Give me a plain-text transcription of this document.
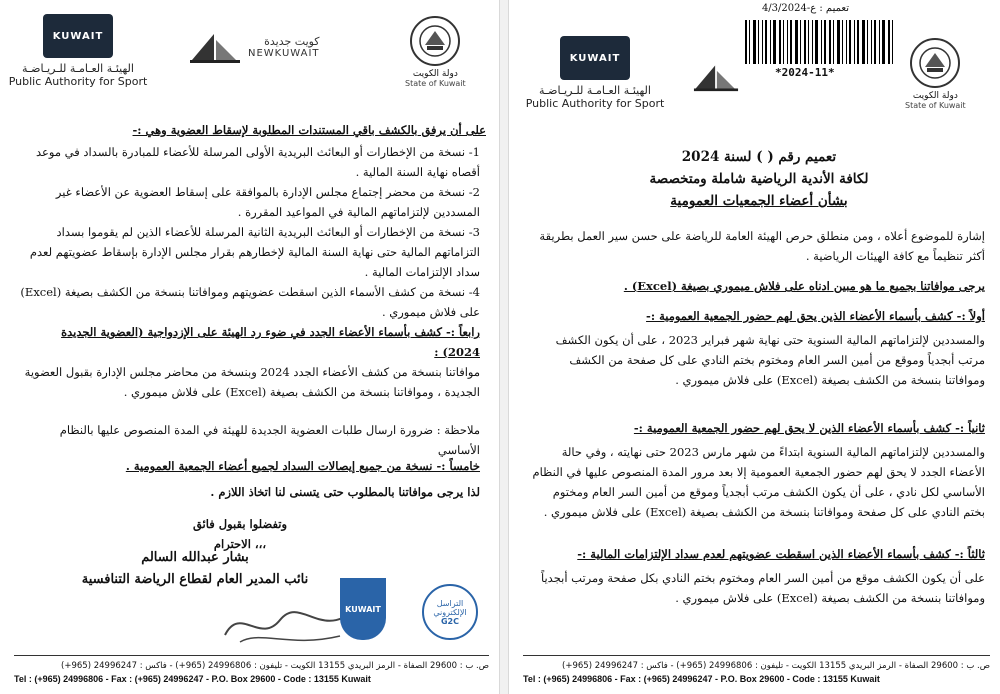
دولة الكويت
State of Kuwait
كويت جديدة
NEWKUWAIT
KUWAIT
الهيئـة العـامـة للـريـاضـة
Public Authority for Sport
على أن يرفق بالكشف باقي المستندات المطلوبة لإسقاط العضوية وهي :-
1- نسخة من الإخطارات أو البعائث البريدية الأولى المرسلة للأعضاء للمبادرة بالسداد في موعد أقصاه نهاية السنة المالية .
2- نسخة من محضر إجتماع مجلس الإدارة بالموافقة على إسقاط العضوية عن الأعضاء غير المسددين لإلتزاماتهم المالية في المواعيد المقررة .
3- نسخة من الإخطارات أو البعائث البريدية الثانية المرسلة للأعضاء الذين لم يقوموا بسداد التزاماتهم المالية حتى نهاية السنة المالية لإخطارهم بقرار مجلس الإدارة بإسقاط عضويتهم لعدم سداد الإلتزامات المالية .
4- نسخة من كشف الأسماء الذين اسقطت عضويتهم وموافاتنا بنسخة من الكشف بصيغة (Excel) على فلاش ميموري .
رابعاً :- كشف بأسماء الأعضاء الجدد في ضوء رد الهيئة على الإزدواجية (العضوية الجديدة 2024) :
موافاتنا بنسخة من كشف الأعضاء الجدد 2024 وبنسخة من محاضر مجلس الإدارة بقبول العضوية الجديدة ، وموافاتنا بنسخة من الكشف بصيغة (Excel) على فلاش ميموري .
ملاحظة : ضرورة ارسال طلبات العضوية الجديدة للهيئة في المدة المنصوص عليها بالنظام الأساسي
خامساً :- نسخة من جميع إيصالات السداد لجميع أعضاء الجمعية العمومية .
لذا يرجى موافاتنا بالمطلوب حتى يتسنى لنا اتخاذ اللازم .
وتفضلوا بقبول فائق الاحترام ،،،
بشار عبدالله السالم
نائب المدير العام لقطاع الرياضة التنافسية
KUWAIT
التراسل الإلكتروني
G2C
ص. ب : 29600 الصفاة - الرمز البريدي 13155 الكويت - تليفون : 24996806 (965+) - فاكس : 24996247 (965+)
Tel : (+965) 24996806 - Fax : (+965) 24996247 - P.O. Box 29600 - Code : 13155 Kuwait
تعميم : ع-4/3/2024
*2024-11*
دولة الكويت
State of Kuwait
KUWAIT
الهيئـة العـامـة للـريـاضـة
Public Authority for Sport
تعميم رقم ( ) لسنة 2024
لكافة الأندية الرياضية شاملة ومتخصصة
بشأن أعضاء الجمعيات العمومية
إشارة للموضوع أعلاه ، ومن منطلق حرص الهيئة العامة للرياضة على حسن سير العمل بطريقة أكثر تنظيماً مع كافة الهيئات الرياضية .
يرجى موافاتنا بجميع ما هو مبين ادناه على فلاش ميموري بصيغة (Excel) .
أولاً :- كشف بأسماء الأعضاء الذين يحق لهم حضور الجمعية العمومية :-
والمسددين لإلتزاماتهم المالية السنوية حتى نهاية شهر فبراير 2023 ، على أن يكون الكشف مرتب أبجدياً وموقع من أمين السر العام ومختوم بختم النادي على كل صفحة من الكشف وموافاتنا بنسخة من الكشف بصيغة (Excel) على فلاش ميموري .
ثانياً :- كشف بأسماء الأعضاء الذين لا يحق لهم حضور الجمعية العمومية :-
والمسددين لإلتزاماتهم المالية السنوية ابتداءً من شهر مارس 2023 حتى نهايته ، وفي حالة الأعضاء الجدد لا يحق لهم حضور الجمعية العمومية إلا بعد مرور المدة المنصوص عليها في النظام الأساسي لكل نادي ، على أن يكون الكشف مرتب أبجدياً وموقع من أمين السر العام ومختوم بختم النادي على كل صفحة وموافاتنا بنسخة من الكشف بصيغة (Excel) على فلاش ميموري .
ثالثاً :- كشف بأسماء الأعضاء الذين اسقطت عضويتهم لعدم سداد الإلتزامات المالية :-
على أن يكون الكشف موقع من أمين السر العام ومختوم بختم النادي بكل صفحة ومرتب أبجدياً وموافاتنا بنسخة من الكشف بصيغة (Excel) على فلاش ميموري .
ص. ب : 29600 الصفاة - الرمز البريدي 13155 الكويت - تليفون : 24996806 (965+) - فاكس : 24996247 (965+)
Tel : (+965) 24996806 - Fax : (+965) 24996247 - P.O. Box 29600 - Code : 13155 Kuwait
